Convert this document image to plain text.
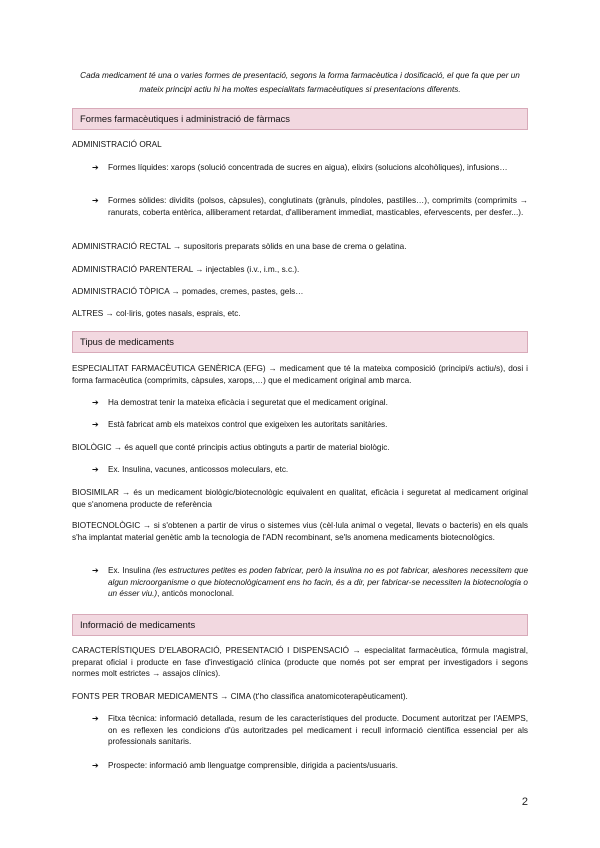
Cada medicament té una o varies formes de presentació, segons la forma farmacèutica i dosificació, el que fa que per un mateix principi actiu hi ha moltes especialitats farmacèutiques si presentacions diferents.
Formes farmacèutiques i administració de fàrmacs
ADMINISTRACIÓ ORAL
➔	Formes líquides: xarops (solució concentrada de sucres en aigua), elixirs (solucions alcohòliques), infusions…
➔	Formes sòlides: dividits (polsos, càpsules), conglutinats (grànuls, píndoles, pastilles…), comprimits (comprimits → ranurats, coberta entèrica, alliberament retardat, d'alliberament immediat, masticables, efervescents, per desfer...).
ADMINISTRACIÓ RECTAL → supositoris preparats sòlids en una base de crema o gelatina.
ADMINISTRACIÓ PARENTERAL → injectables (i.v., i.m., s.c.).
ADMINISTRACIÓ TÒPICA → pomades, cremes, pastes, gels…
ALTRES → col·liris, gotes nasals, esprais, etc.
Tipus de medicaments
ESPECIALITAT FARMACÈUTICA GENÈRICA (EFG) → medicament que té la mateixa composició (principi/s actiu/s), dosi i forma farmacèutica (comprimits, càpsules, xarops,…) que el medicament original amb marca.
➔	Ha demostrat tenir la mateixa eficàcia i seguretat que el medicament original.
➔	Està fabricat amb els mateixos control que exigeixen les autoritats sanitàries.
BIOLÒGIC → és aquell que conté principis actius obtinguts a partir de material biològic.
➔	Ex. Insulina, vacunes, anticossos moleculars, etc.
BIOSIMILAR → és un medicament biològic/biotecnològic equivalent en qualitat, eficàcia i seguretat al medicament original que s'anomena producte de referència
BIOTECNOLÒGIC → si s'obtenen a partir de virus o sistemes vius (cèl·lula animal o vegetal, llevats o bacteris) en els quals s'ha implantat material genètic amb la tecnologia de l'ADN recombinant, se'ls anomena medicaments biotecnològics.
➔	Ex. Insulina (les estructures petites es poden fabricar, però la insulina no es pot fabricar, aleshores necessitem que algun microorganisme o que biotecnològicament ens ho facin, és a dir, per fabricar-se necessiten la biotecnologia o un ésser viu.), anticòs monoclonal.
Informació de medicaments
CARACTERÍSTIQUES D'ELABORACIÓ, PRESENTACIÓ I DISPENSACIÓ → especialitat farmacèutica, fórmula magistral, preparat oficial i producte en fase d'investigació clínica (producte que només pot ser emprat per investigadors i segons normes molt estrictes → assajos clínics).
FONTS PER TROBAR MEDICAMENTS → CIMA (t'ho classifica anatomicoterapèuticament).
➔	Fitxa tècnica: informació detallada, resum de les característiques del producte. Document autoritzat per l'AEMPS, on es reflexen les condicions d'ús autoritzades pel medicament i recull informació científica essencial per als professionals sanitaris.
➔	Prospecte: informació amb llenguatge comprensible, dirigida a pacients/usuaris.
2
